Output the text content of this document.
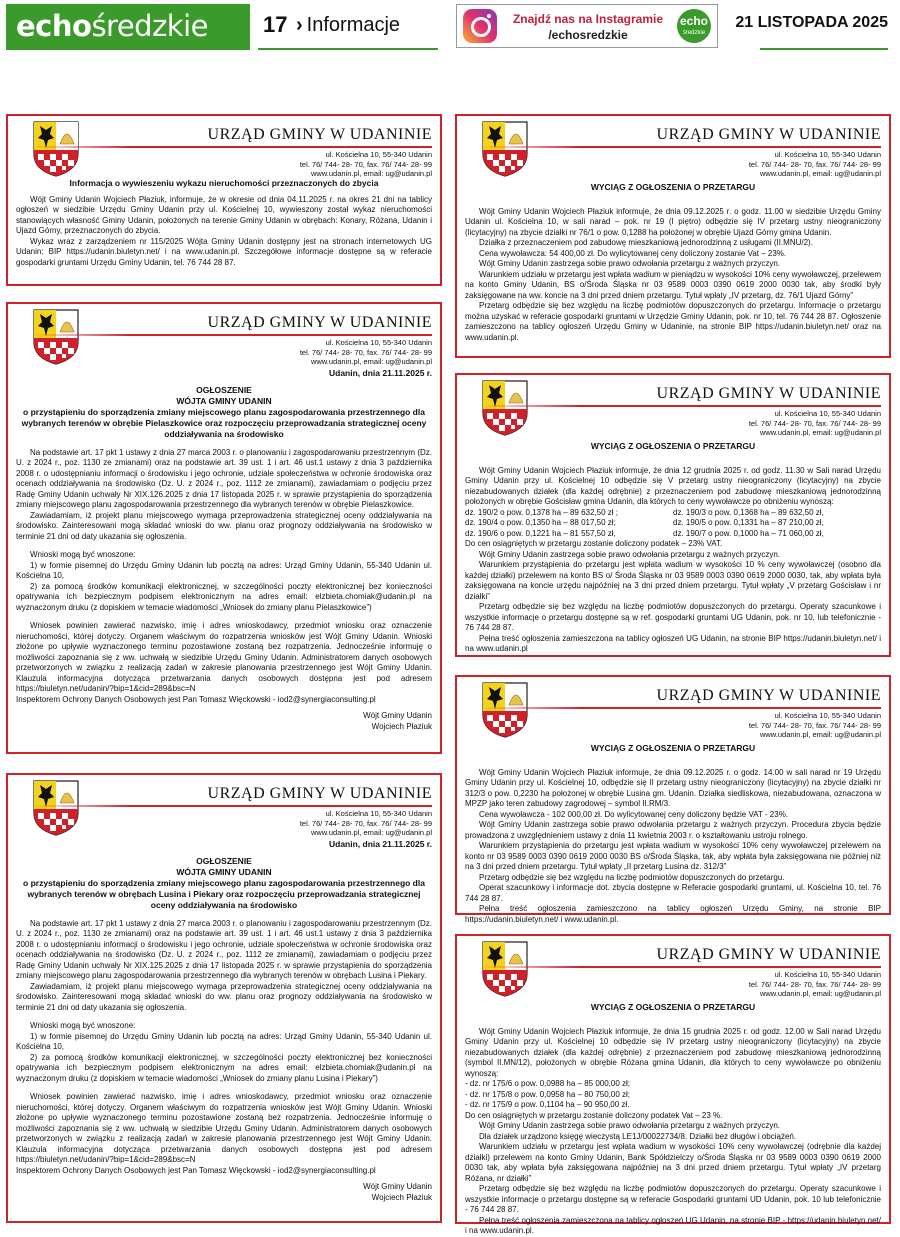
echośredzkie	17 › Informacje	Znajdź nas na Instagramie
/echosredzkie
echo
średzkie
21 LISTOPADA 2025
URZĄD GMINY W UDANINIE
ul. Kościelna 10, 55-340 Udanin
tel. 76/ 744- 28- 70, fax. 76/ 744- 28- 99
www.udanin.pl, email: ug@udanin.pl
Informacja o wywieszeniu wykazu nieruchomości przeznaczonych do zbycia

Wójt Gminy Udanin Wojciech Płaziuk, informuje, że w okresie od dnia 04.11.2025 r. na okres 21 dni na tablicy ogłoszeń w siedzibie Urzędu Gminy Udanin przy ul. Kościelnej 10, wywieszony został wykaz nieruchomości stanowiących własność Gminy Udanin, położonych na terenie Gminy Udanin w obrębach: Konary, Różana, Udanin i Ujazd Górny, przeznaczonych do zbycia.

Wykaz wraz z zarządzeniem nr 115/2025 Wójta Gminy Udanin dostępny jest na stronach internetowych UG Udanin: BIP https://udanin.biuletyn.net/ i na www.udanin.pl. Szczegółowe informacje dostępne są w referacie gospodarki gruntami Urzędu Gminy Udanin, tel. 76 744 28 87.

URZĄD GMINY W UDANINIE
ul. Kościelna 10, 55-340 Udanin
tel. 76/ 744- 28- 70, fax. 76/ 744- 28- 99
www.udanin.pl, email: ug@udanin.pl
Udanin, dnia 21.11.2025 r.
OGŁOSZENIE
WÓJTA GMINY UDANIN
o przystąpieniu do sporządzenia zmiany miejscowego planu zagospodarowania przestrzennego dla wybranych terenów w obrębie Pielaszkowice oraz rozpoczęciu przeprowadzania strategicznej oceny oddziaływania na środowisko

Na podstawie art. 17 pkt 1 ustawy z dnia 27 marca 2003 r. o planowaniu i zagospodarowaniu przestrzennym (Dz. U. z 2024 r., poz. 1130 ze zmianami) oraz na podstawie art. 39 ust. 1 i art. 46 ust.1 ustawy z dnia 3 października 2008 r. o udostępnianiu informacji o środowisku i jego ochronie, udziale społeczeństwa w ochronie środowiska oraz ocenach oddziaływania na środowisko (Dz. U. z 2024 r., poz. 1112 ze zmianami), zawiadamiam o podjęciu przez Radę Gminy Udanin uchwały Nr XIX.126.2025 z dnia 17 listopada 2025 r. w sprawie przystąpienia do sporządzenia zmiany miejscowego planu zagospodarowania przestrzennego dla wybranych terenów w obrębie Pielaszkowice.

Zawiadamiam, iż projekt planu miejscowego wymaga przeprowadzenia strategicznej oceny oddziaływania na środowisko. Zainteresowani mogą składać wnioski do ww. planu oraz prognozy oddziaływania na środowisko w terminie 21 dni od daty ukazania się ogłoszenia.

Wnioski mogą być wnoszone:

1) w formie pisemnej do Urzędu Gminy Udanin lub pocztą na adres: Urząd Gminy Udanin, 55-340 Udanin ul. Kościelna 10,

2) za pomocą środków komunikacji elektronicznej, w szczególności poczty elektronicznej bez konieczności opatrywania ich bezpiecznym podpisem elektronicznym na adres email: elzbieta.chomiak@udanin.pl na wyznaczonym druku (z dopiskiem w temacie wiadomości „Wniosek do zmiany planu Pielaszkowice”)

Wniosek powinien zawierać nazwisko, imię i adres wnioskodawcy, przedmiot wniosku oraz oznaczenie nieruchomości, której dotyczy. Organem właściwym do rozpatrzenia wniosków jest Wójt Gminy Udanin. Wnioski złożone po upływie wyznaczonego terminu pozostawione zostaną bez rozpatrzenia. Jednocześnie informuję o możliwości zapoznania się z ww. uchwałą w siedzibie Urzędu Gminy Udanin. Administratorem danych osobowych przetworzonych w związku z realizacją zadań w zakresie planowania przestrzennego jest Wójt Gminy Udanin. Klauzula informacyjna dotycząca przetwarzania danych osobowych dostępna jest pod adresem https://biuletyn.net/udanin/?bip=1&cid=289&bsc=N

Inspektorem Ochrony Danych Osobowych jest Pan Tomasz Więckowski - iod2@synergiaconsulting.pl

Wójt Gminy Udanin
Wojciech Płaziuk
URZĄD GMINY W UDANINIE
ul. Kościelna 10, 55-340 Udanin
tel. 76/ 744- 28- 70, fax. 76/ 744- 28- 99
www.udanin.pl, email: ug@udanin.pl
Udanin, dnia 21.11.2025 r.
OGŁOSZENIE
WÓJTA GMINY UDANIN
o przystąpieniu do sporządzenia zmiany miejscowego planu zagospodarowania przestrzennego dla wybranych terenów w obrębach Lusina i Piekary oraz rozpoczęciu przeprowadzania strategicznej oceny oddziaływania na środowisko

Na podstawie art. 17 pkt 1 ustawy z dnia 27 marca 2003 r. o planowaniu i zagospodarowaniu przestrzennym (Dz. U. z 2024 r., poz. 1130 ze zmianami) oraz na podstawie art. 39 ust. 1 i art. 46 ust.1 ustawy z dnia 3 października 2008 r. o udostępnianiu informacji o środowisku i jego ochronie, udziale społeczeństwa w ochronie środowiska oraz ocenach oddziaływania na środowisko (Dz. U. z 2024 r., poz. 1112 ze zmianami), zawiadamiam o podjęciu przez Radę Gminy Udanin uchwały Nr XIX.125.2025 z dnia 17 listopada 2025 r. w sprawie przystąpienia do sporządzenia zmiany miejscowego planu zagospodarowania przestrzennego dla wybranych terenów w obrębach Lusina i Piekary.

Zawiadamiam, iż projekt planu miejscowego wymaga przeprowadzenia strategicznej oceny oddziaływania na środowisko. Zainteresowani mogą składać wnioski do ww. planu oraz prognozy oddziaływania na środowisko w terminie 21 dni od daty ukazania się ogłoszenia.

Wnioski mogą być wnoszone:

1) w formie pisemnej do Urzędu Gminy Udanin lub pocztą na adres: Urząd Gminy Udanin, 55-340 Udanin ul. Kościelna 10,

2) za pomocą środków komunikacji elektronicznej, w szczególności poczty elektronicznej bez konieczności opatrywania ich bezpiecznym podpisem elektronicznym na adres email: elzbieta.chomiak@udanin.pl na wyznaczonym druku (z dopiskiem w temacie wiadomości „Wniosek do zmiany planu Lusina i Piekary”)

Wniosek powinien zawierać nazwisko, imię i adres wnioskodawcy, przedmiot wniosku oraz oznaczenie nieruchomości, której dotyczy. Organem właściwym do rozpatrzenia wniosków jest Wójt Gminy Udanin. Wnioski złożone po upływie wyznaczonego terminu pozostawione zostaną bez rozpatrzenia. Jednocześnie informuję o możliwości zapoznania się z ww. uchwałą w siedzibie Urzędu Gminy Udanin. Administratorem danych osobowych przetworzonych w związku z realizacją zadań w zakresie planowania przestrzennego jest Wójt Gminy Udanin. Klauzula informacyjna dotycząca przetwarzania danych osobowych dostępna jest pod adresem https://biuletyn.net/udanin/?bip=1&cid=289&bsc=N

Inspektorem Ochrony Danych Osobowych jest Pan Tomasz Więckowski - iod2@synergiaconsulting.pl

Wójt Gminy Udanin
Wojciech Płaziuk
URZĄD GMINY W UDANINIE
ul. Kościelna 10, 55-340 Udanin
tel. 76/ 744- 28- 70, fax. 76/ 744- 28- 99
www.udanin.pl, email: ug@udanin.pl
WYCIĄG Z OGŁOSZENIA O PRZETARGU

Wójt Gminy Udanin Wojciech Płaziuk informuje, że dnia 09.12.2025 r. o godz. 11.00 w siedzibie Urzędu Gminy Udanin ul. Kościelna 10, w sali narad – pok. nr 19 (I piętro) odbędzie się IV przetarg ustny nieograniczony (licytacyjny) na zbycie działki nr 76/1 o pow. 0,1288 ha położonej w obrębie Ujazd Górny gmina Udanin.

Działka z przeznaczeniem pod zabudowę mieszkaniową jednorodzinną z usługami (II.MNU/2).

Cena wywoławcza: 54 400,00 zł. Do wylicytowanej ceny doliczony zostanie Vat – 23%.

Wójt Gminy Udanin zastrzega sobie prawo odwołania przetargu z ważnych przyczyn.

Warunkiem udziału w przetargu jest wpłata wadium w pieniądzu w wysokości 10% ceny wywoławczej, przelewem na konto Gminy Udanin, BS o/Środa Śląska nr 03 9589 0003 0390 0619 2000 0030 tak, aby środki były zaksięgowane na ww. koncie na 3 dni przed dniem przetargu. Tytuł wpłaty „IV przetarg, dz. 76/1 Ujazd Górny”

Przetarg odbędzie się bez względu na liczbę podmiotów dopuszczonych do przetargu. Informacje o przetargu można uzyskać w referacie gospodarki gruntami w Urzędzie Gminy Udanin, pok. nr 10, tel. 76 744 28 87. Ogłoszenie zamieszczono na tablicy ogłoszeń Urzędu Gminy w Udaninie, na stronie BIP https://udanin.biuletyn.net/ oraz na www.udanin.pl.

URZĄD GMINY W UDANINIE
ul. Kościelna 10, 55-340 Udanin
tel. 76/ 744- 28- 70, fax. 76/ 744- 28- 99
www.udanin.pl, email: ug@udanin.pl
WYCIĄG Z OGŁOSZENIA O PRZETARGU

Wójt Gminy Udanin Wojciech Płaziuk informuje, że dnia 12 grudnia 2025 r. od godz. 11.30 w Sali narad Urzędu Gminy Udanin przy ul. Kościelnej 10 odbędzie się V przetarg ustny nieograniczony (licytacyjny) na zbycie niezabudowanych działek (dla każdej odrębnie) z przeznaczeniem pod zabudowę mieszkaniową jednorodzinną położonych w obrębie Gościsław gmina Udanin, dla których to ceny wywoławcze po obniżeniu wynoszą:

dz. 190/2 o pow. 0,1378 ha – 89 632,50 zł ;
dz. 190/4 o pow. 0,1350 ha – 88 017,50 zł;
dz. 190/6 o pow. 0,1221 ha – 81 557,50 zł,
dz. 190/3 o pow. 0,1368 ha – 89 632,50 zł,
dz. 190/5 o pow. 0,1331 ha – 87 210,00 zł,
dz. 190/7 o pow. 0,1000 ha – 71 060,00 zł,

Do cen osiągniętych w przetargu zostanie doliczony podatek – 23% VAT.

Wójt Gminy Udanin zastrzega sobie prawo odwołania przetargu z ważnych przyczyn.

Warunkiem przystąpienia do przetargu jest wpłata wadium w wysokości 10 % ceny wywoławczej (osobno dla każdej działki) przelewem na konto BS o/ Środa Śląska nr 03 9589 0003 0390 0619 2000 0030, tak, aby wpłata była zaksięgowana na koncie urzędu najpóźniej na 3 dni przed dniem przetargu. Tytuł wpłaty „V przetarg Gościsław i nr działki”

Przetarg odbędzie się bez względu na liczbę podmiotów dopuszczonych do przetargu. Operaty szacunkowe i wszystkie informacje o przetargu dostępne są w ref. gospodarki gruntami UG Udanin, pok. nr 10, lub telefonicznie - 76 744 28 87.

Pełna treść ogłoszenia zamieszczona na tablicy ogłoszeń UG Udanin, na stronie BIP https://udanin.biuletyn.net/ i na www.udanin.pl

URZĄD GMINY W UDANINIE
ul. Kościelna 10, 55-340 Udanin
tel. 76/ 744- 28- 70, fax. 76/ 744- 28- 99
www.udanin.pl, email: ug@udanin.pl
WYCIĄG Z OGŁOSZENIA O PRZETARGU

Wójt Gminy Udanin Wojciech Płaziuk informuje, że dnia 09.12.2025 r. o godz. 14.00 w sali narad nr 19 Urzędu Gminy Udanin przy ul. Kościelnej 10, odbędzie się II przetarg ustny nieograniczony (licytacyjny) na zbycie działki nr 312/3 o pow. 0,2230 ha położonej w obrębie Lusina gm. Udanin. Działka siedliskowa, niezabudowana, oznaczona w MPZP jako teren zabudowy zagrodowej – symbol II.RM/3.

Cena wywoławcza - 102 000,00 zł. Do wylicytowanej ceny doliczony będzie VAT - 23%.

Wójt Gminy Udanin zastrzega sobie prawo odwołania przetargu z ważnych przyczyn. Procedura zbycia będzie prowadzona z uwzględnieniem ustawy z dnia 11 kwietnia 2003 r. o kształtowaniu ustroju rolnego.

Warunkiem przystąpienia do przetargu jest wpłata wadium w wysokości 10% ceny wywoławczej przelewem na konto nr 03 9589 0003 0390 0619 2000 0030 BS o/Środa Śląska, tak, aby wpłata była zaksięgowana nie później niż na 3 dni przed dniem przetargu. Tytuł wpłaty „II przetarg Lusina dz. 312/3”

Przetarg odbędzie się bez względu na liczbę podmiotów dopuszczonych do przetargu.

Operat szacunkowy i informacje dot. zbycia dostępne w Referacie gospodarki gruntami, ul. Kościelna 10, tel. 76 744 28 87.

Pełna treść ogłoszenia zamieszczono na tablicy ogłoszeń Urzędu Gminy, na stronie BIP https://udanin.biuletyn.net/ i www.udanin.pl.

URZĄD GMINY W UDANINIE
ul. Kościelna 10, 55-340 Udanin
tel. 76/ 744- 28- 70, fax. 76/ 744- 28- 99
www.udanin.pl, email: ug@udanin.pl
WYCIĄG Z OGŁOSZENIA O PRZETARGU

Wójt Gminy Udanin Wojciech Płaziuk informuje, że dnia 15 grudnia 2025 r. od godz. 12.00 w Sali narad Urzędu Gminy Udanin przy ul. Kościelnej 10 odbędzie się IV przetarg ustny nieograniczony (licytacyjny) na zbycie niezabudowanych działek (dla każdej odrębnie) z przeznaczeniem pod zabudowę mieszkaniową jednorodzinną (symbol II.MN/12), położonych w obrębie Różana gmina Udanin, dla których to ceny wywoławcze po obniżeniu wynoszą:

- dz. nr 175/6 o pow. 0,0988 ha – 85 000,00 zł;
- dz. nr 175/8 o pow. 0,0958 ha – 80 750,00 zł;
- dz. nr 175/9 o pow. 0,1104 ha – 90 950,00 zł.

Do cen osiągniętych w przetargu zostanie doliczony podatek Vat – 23 %.

Wójt Gminy Udanin zastrzega sobie prawo odwołania przetargu z ważnych przyczyn.

Dla działek urządzono księgę wieczystą LE1J/00022734/8. Działki bez długów i obciążeń.

Warunkiem udziału w przetargu jest wpłata wadium w wysokości 10% ceny wywoławczej (odrębnie dla każdej działki) przelewem na konto Gminy Udanin, Bank Spółdzielczy o/Środa Śląska nr 03 9589 0003 0390 0619 2000 0030 tak, aby wpłata była zaksięgowana najpóźniej na 3 dni przed dniem przetargu. Tytuł wpłaty „IV przetarg Różana, nr działki”

Przetarg odbędzie się bez względu na liczbę podmiotów dopuszczonych do przetargu. Operaty szacunkowe i wszystkie informacje o przetargu dostępne są w referacie Gospodarki gruntami UD Udanin, pok. 10 lub telefonicznie - 76 744 28 87.

Pełna treść ogłoszenia zamieszczona na tablicy ogłoszeń UG Udanin, na stronie BIP - https://udanin.biuletyn.net/ i na www.udanin.pl.
